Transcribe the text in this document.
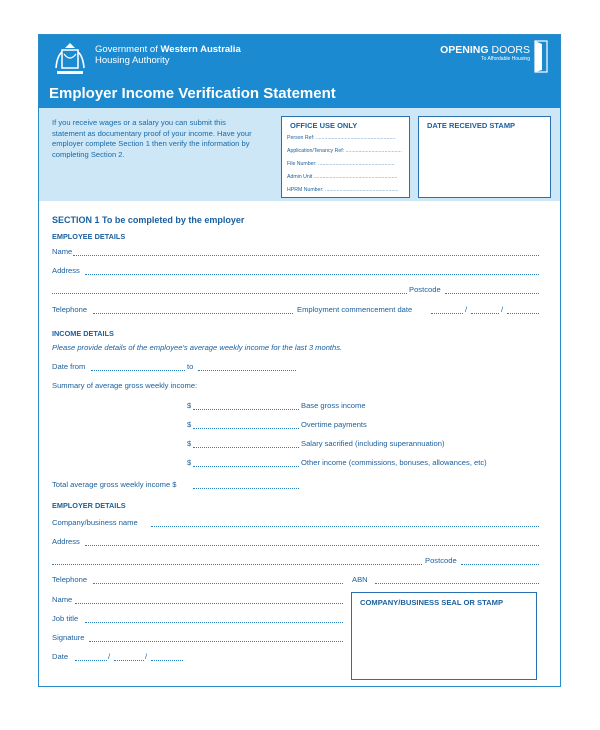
Government of Western Australia
Housing Authority
OPENING DOORS
To Affordable Housing
Employer Income Verification Statement
If you receive wages or a salary you can submit this statement as documentary proof of your income. Have your employer complete Section 1 then verify the information by completing Section 2.
OFFICE USE ONLY
Person Ref: .......................................................
Application/Tenancy Ref: .......................................
File Number: .....................................................
Admin Unit ..........................................................
HPRM Number: ...................................................
DATE RECEIVED STAMP
SECTION 1 To be completed by the employer
EMPLOYEE DETAILS
Name
Address
Postcode
Telephone	Employment commencement date	/	/
INCOME DETAILS
Please provide details of the employee's average weekly income for the last 3 months.
Date from	to
Summary of average gross weekly income:
$	Base gross income
$	Overtime payments
$	Salary sacrified (including superannuation)
$	Other income (commissions, bonuses, allowances, etc)
Total average gross weekly income $
EMPLOYER DETAILS
Company/business name
Address
Postcode
Telephone	ABN
Name
Job title
Signature
Date	/	/
COMPANY/BUSINESS SEAL OR STAMP
